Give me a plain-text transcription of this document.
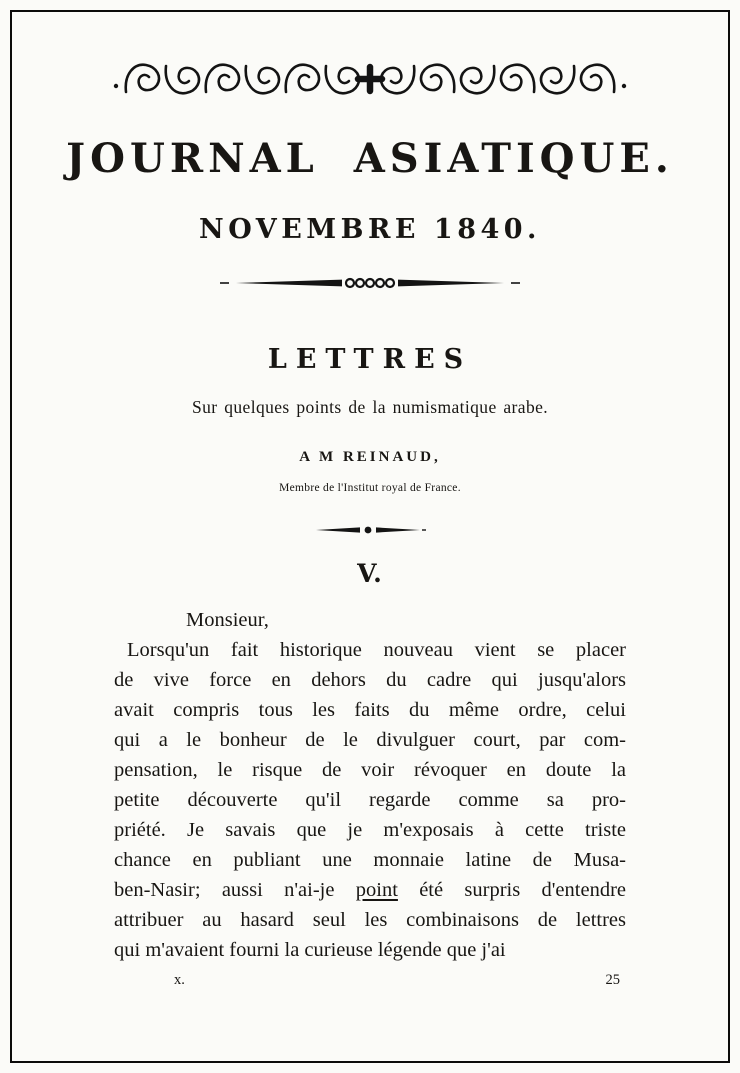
JOURNAL ASIATIQUE.
NOVEMBRE 1840.
LETTRES

Sur quelques points de la numismatique arabe.

A M REINAUD,

Membre de l'Institut royal de France.

V.
Monsieur,
Lorsqu'un fait historique nouveau vient se placer
de vive force en dehors du cadre qui jusqu'alors
avait compris tous les faits du même ordre, celui
qui a le bonheur de le divulguer court, par com-
pensation, le risque de voir révoquer en doute la
petite découverte qu'il regarde comme sa pro-
priété. Je savais que je m'exposais à cette triste
chance en publiant une monnaie latine de Musa-
ben-Nasir; aussi n'ai-je point été surpris d'entendre
attribuer au hasard seul les combinaisons de lettres
qui m'avaient fourni la curieuse légende que j'ai
x.	25
